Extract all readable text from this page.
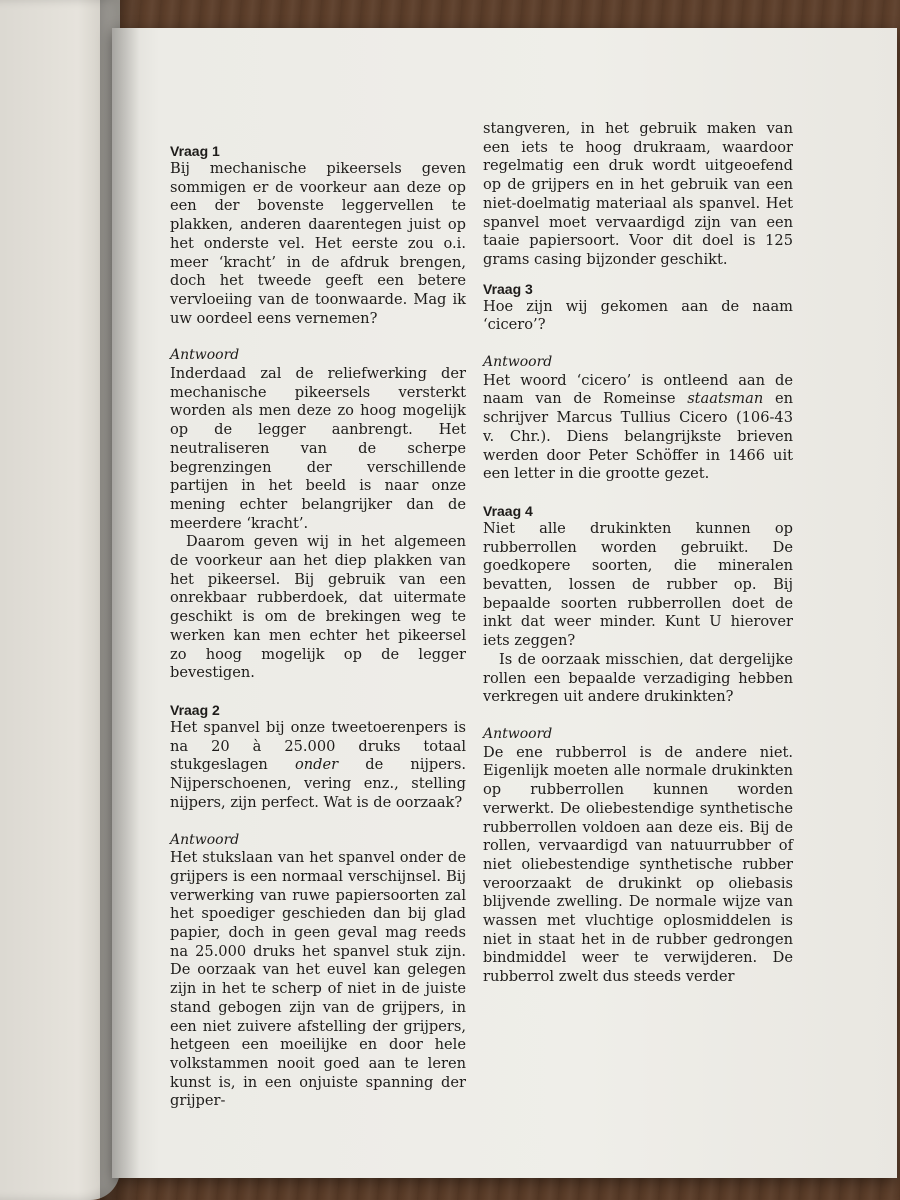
Vraag 1

Bij mechanische pikeersels geven sommigen er de voorkeur aan deze op een der bovenste leggervellen te plakken, anderen daarentegen juist op het onderste vel. Het eerste zou o.i. meer ‘kracht’ in de afdruk brengen, doch het tweede geeft een betere vervloeiing van de toonwaarde. Mag ik uw oordeel eens vernemen?

Antwoord

Inderdaad zal de reliefwerking der mechanische pikeersels versterkt worden als men deze zo hoog mogelijk op de legger aanbrengt. Het neutraliseren van de scherpe begrenzingen der verschillende partijen in het beeld is naar onze mening echter belangrijker dan de meerdere ‘kracht’.

Daarom geven wij in het algemeen de voorkeur aan het diep plakken van het pikeersel. Bij gebruik van een onrekbaar rubberdoek, dat uitermate geschikt is om de brekingen weg te werken kan men echter het pikeersel zo hoog mogelijk op de legger bevestigen.

Vraag 2

Het spanvel bij onze tweetoerenpers is na 20 à 25.000 druks totaal stukgeslagen onder de nijpers. Nijperschoenen, vering enz., stelling nijpers, zijn perfect. Wat is de oorzaak?

Antwoord

Het stukslaan van het spanvel onder de grijpers is een normaal verschijnsel. Bij verwerking van ruwe papiersoorten zal het spoediger geschieden dan bij glad papier, doch in geen geval mag reeds na 25.000 druks het spanvel stuk zijn. De oorzaak van het euvel kan gelegen zijn in het te scherp of niet in de juiste stand gebogen zijn van de grijpers, in een niet zuivere afstelling der grijpers, hetgeen een moeilijke en door hele volkstammen nooit goed aan te leren kunst is, in een onjuiste spanning der grijper-

stangveren, in het gebruik maken van een iets te hoog drukraam, waardoor regelmatig een druk wordt uitgeoefend op de grijpers en in het gebruik van een niet-doelmatig materiaal als spanvel. Het spanvel moet vervaardigd zijn van een taaie papiersoort. Voor dit doel is 125 grams casing bijzonder geschikt.

Vraag 3

Hoe zijn wij gekomen aan de naam ‘cicero’?

Antwoord

Het woord ‘cicero’ is ontleend aan de naam van de Romeinse staatsman en schrijver Marcus Tullius Cicero (106-43 v. Chr.). Diens belangrijkste brieven werden door Peter Schöffer in 1466 uit een letter in die grootte gezet.

Vraag 4

Niet alle drukinkten kunnen op rubberrollen worden gebruikt. De goedkopere soorten, die mineralen bevatten, lossen de rubber op. Bij bepaalde soorten rubberrollen doet de inkt dat weer minder. Kunt U hierover iets zeggen?

Is de oorzaak misschien, dat dergelijke rollen een bepaalde verzadiging hebben verkregen uit andere drukinkten?

Antwoord

De ene rubberrol is de andere niet. Eigenlijk moeten alle normale drukinkten op rubberrollen kunnen worden verwerkt. De oliebestendige synthetische rubberrollen voldoen aan deze eis. Bij de rollen, vervaardigd van natuurrubber of niet oliebestendige synthetische rubber veroorzaakt de drukinkt op oliebasis blijvende zwelling. De normale wijze van wassen met vluchtige oplosmiddelen is niet in staat het in de rubber gedrongen bindmiddel weer te verwijderen. De rubberrol zwelt dus steeds verder
